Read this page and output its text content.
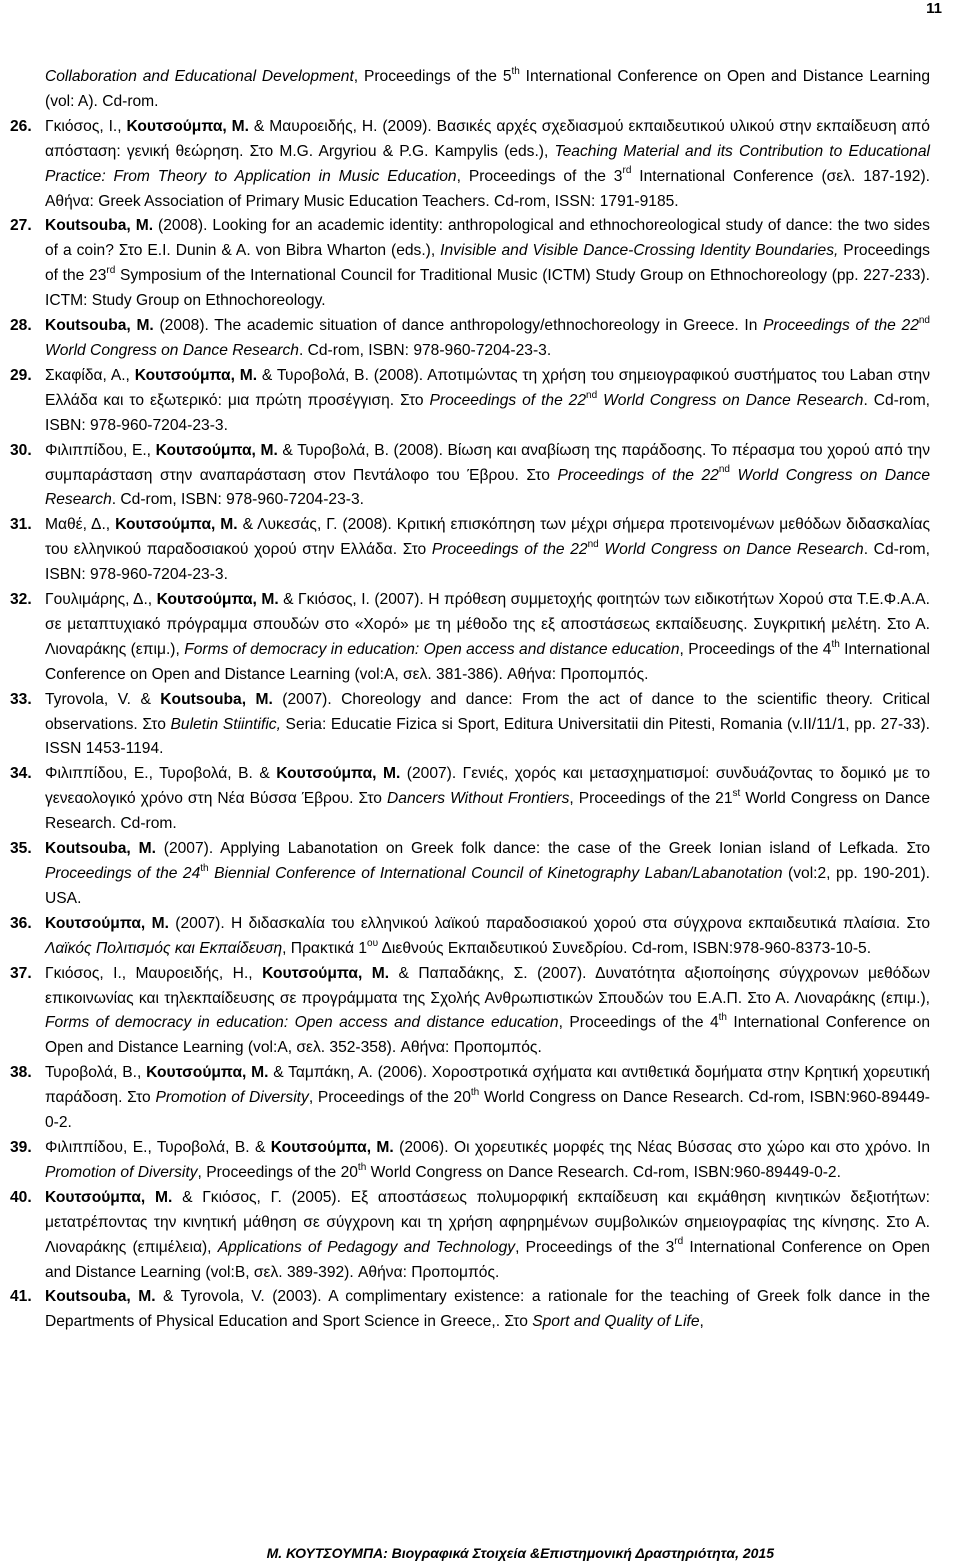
11
Collaboration and Educational Development, Proceedings of the 5th International Conference on Open and Distance Learning (vol: A). Cd-rom.
26. Γκιόσος, Ι., Κουτσούμπα, Μ. & Μαυροειδής, Η. (2009). Βασικές αρχές σχεδιασμού εκπαιδευτικού υλικού στην εκπαίδευση από απόσταση: γενική θεώρηση. Στο M.G. Argyriou & P.G. Kampylis (eds.), Teaching Material and its Contribution to Educational Practice: From Theory to Application in Music Education, Proceedings of the 3rd International Conference (σελ. 187-192). Αθήνα: Greek Association of Primary Music Education Teachers. Cd-rom, ISSN: 1791-9185.
27. Koutsouba, M. (2008). Looking for an academic identity: anthropological and ethnochoreological study of dance: the two sides of a coin? Στο E.I. Dunin & A. von Bibra Wharton (eds.), Invisible and Visible Dance-Crossing Identity Boundaries, Proceedings of the 23rd Symposium of the International Council for Traditional Music (ICTM) Study Group on Ethnochoreology (pp. 227-233). ICTM: Study Group on Ethnochoreology.
28. Koutsouba, M. (2008). The academic situation of dance anthropology/ethnochoreology in Greece. In Proceedings of the 22nd World Congress on Dance Research. Cd-rom, ISBN: 978-960-7204-23-3.
29. Σκαφίδα, Α., Κουτσούμπα, Μ. & Τυροβολά, Β. (2008). Αποτιμώντας τη χρήση του σημειογραφικού συστήματος του Laban στην Ελλάδα και το εξωτερικό: μια πρώτη προσέγγιση. Στο Proceedings of the 22nd World Congress on Dance Research. Cd-rom, ISBN: 978-960-7204-23-3.
30. Φιλιππίδου, Ε., Κουτσούμπα, Μ. & Τυροβολά, Β. (2008). Βίωση και αναβίωση της παράδοσης. Το πέρασμα του χορού από την συμπαράσταση στην αναπαράσταση στον Πεντάλοφο του Έβρου. Στο Proceedings of the 22nd World Congress on Dance Research. Cd-rom, ISBN: 978-960-7204-23-3.
31. Μαθέ, Δ., Κουτσούμπα, Μ. & Λυκεσάς, Γ. (2008). Κριτική επισκόπηση των μέχρι σήμερα προτεινομένων μεθόδων διδασκαλίας του ελληνικού παραδοσιακού χορού στην Ελλάδα. Στο Proceedings of the 22nd World Congress on Dance Research. Cd-rom, ISBN: 978-960-7204-23-3.
32. Γουλιμάρης, Δ., Κουτσούμπα, Μ. & Γκιόσος, Ι. (2007). Η πρόθεση συμμετοχής φοιτητών των ειδικοτήτων Χορού στα Τ.Ε.Φ.Α.Α. σε μεταπτυχιακό πρόγραμμα σπουδών στο «Χορό» με τη μέθοδο της εξ αποστάσεως εκπαίδευσης. Συγκριτική μελέτη. Στο Α. Λιοναράκης (επιμ.), Forms of democracy in education: Open access and distance education, Proceedings of the 4th International Conference on Open and Distance Learning (vol:A, σελ. 381-386). Αθήνα: Προπομπός.
33. Tyrovola, V. & Koutsouba, M. (2007). Choreology and dance: From the act of dance to the scientific theory. Critical observations. Στο Buletin Stiintific, Seria: Educatie Fizica si Sport, Editura Universitatii din Pitesti, Romania (v.II/11/1, pp. 27-33). ISSN 1453-1194.
34. Φιλιππίδου, Ε., Τυροβολά, Β. & Κουτσούμπα, Μ. (2007). Γενιές, χορός και μετασχηματισμοί: συνδυάζοντας το δομικό με το γενεαολογικό χρόνο στη Νέα Βύσσα Έβρου. Στο Dancers Without Frontiers, Proceedings of the 21st World Congress on Dance Research. Cd-rom.
35. Koutsouba, M. (2007). Applying Labanotation on Greek folk dance: the case of the Greek Ionian island of Lefkada. Στο Proceedings of the 24th Biennial Conference of International Council of Kinetography Laban/Labanotation (vol:2, pp. 190-201). USA.
36. Κουτσούμπα, Μ. (2007). Η διδασκαλία του ελληνικού λαϊκού παραδοσιακού χορού στα σύγχρονα εκπαιδευτικά πλαίσια. Στο Λαϊκός Πολιτισμός και Εκπαίδευση, Πρακτικά $1^{o\upsilon}$ Διεθνούς Εκπαιδευτικού Συνεδρίου. Cd-rom, ISBN:978-960-8373-10-5.
37. Γκιόσος, Ι., Μαυροειδής, Η., Κουτσούμπα, Μ. & Παπαδάκης, Σ. (2007). Δυνατότητα αξιοποίησης σύγχρονων μεθόδων επικοινωνίας και τηλεκπαίδευσης σε προγράμματα της Σχολής Ανθρωπιστικών Σπουδών του Ε.Α.Π. Στο Α. Λιοναράκης (επιμ.), Forms of democracy in education: Open access and distance education, Proceedings of the 4th International Conference on Open and Distance Learning (vol:A, σελ. 352-358). Αθήνα: Προπομπός.
38. Τυροβολά, Β., Κουτσούμπα, Μ. & Ταμπάκη, Α. (2006). Χοροστροτικά σχήματα και αντιθετικά δομήματα στην Κρητική χορευτική παράδοση. Στο Promotion of Diversity, Proceedings of the 20th World Congress on Dance Research. Cd-rom, ISBN:960-89449-0-2.
39. Φιλιππίδου, Ε., Τυροβολά, Β. & Κουτσούμπα, Μ. (2006). Οι χορευτικές μορφές της Νέας Βύσσας στο χώρο και στο χρόνο. In Promotion of Diversity, Proceedings of the 20th World Congress on Dance Research. Cd-rom, ISBN:960-89449-0-2.
40. Κουτσούμπα, Μ. & Γκιόσος, Γ. (2005). Εξ αποστάσεως πολυμορφική εκπαίδευση και εκμάθηση κινητικών δεξιοτήτων: μετατρέποντας την κινητική μάθηση σε σύγχρονη και τη χρήση αφηρημένων συμβολικών σημειογραφίας της κίνησης. Στο Α. Λιοναράκης (επιμέλεια), Applications of Pedagogy and Technology, Proceedings of the 3rd International Conference on Open and Distance Learning (vol:B, σελ. 389-392). Αθήνα: Προπομπός.
41. Koutsouba, M. & Tyrovola, V. (2003). A complimentary existence: a rationale for the teaching of Greek folk dance in the Departments of Physical Education and Sport Science in Greece,. Στο Sport and Quality of Life,
Μ. ΚΟΥΤΣΟΥΜΠΑ: Βιογραφικά Στοιχεία &Επιστημονική Δραστηριότητα, 2015
